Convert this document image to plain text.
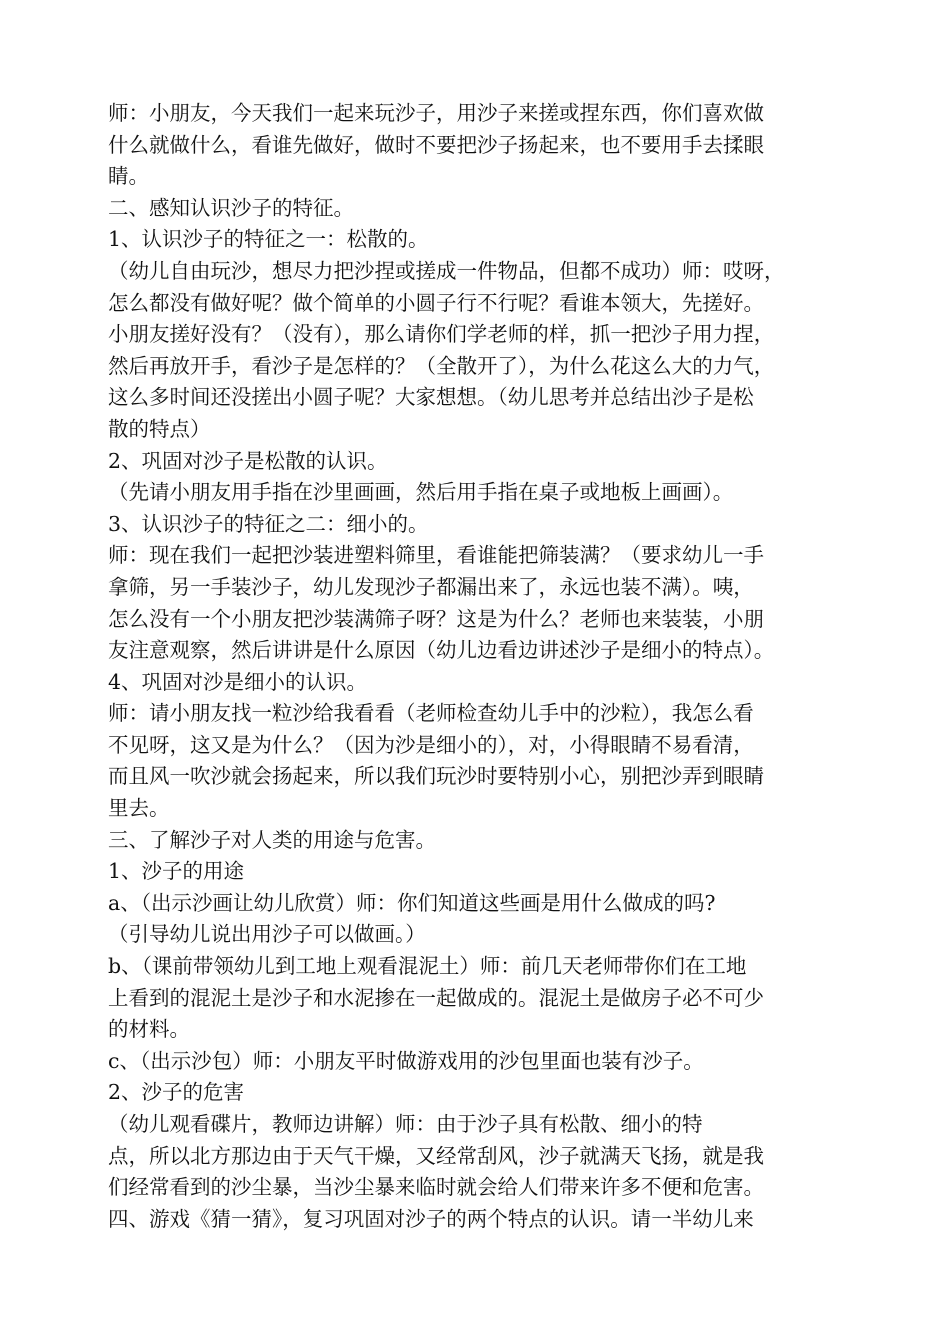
师：小朋友，今天我们一起来玩沙子，用沙子来搓或捏东西，你们喜欢做
什么就做什么，看谁先做好，做时不要把沙子扬起来，也不要用手去揉眼
睛。
二、感知认识沙子的特征。
1、认识沙子的特征之一：松散的。
（幼儿自由玩沙，想尽力把沙捏或搓成一件物品，但都不成功）师：哎呀，
怎么都没有做好呢？做个简单的小圆子行不行呢？看谁本领大，先搓好。
小朋友搓好没有？（没有），那么请你们学老师的样，抓一把沙子用力捏，
然后再放开手，看沙子是怎样的？（全散开了），为什么花这么大的力气，
这么多时间还没搓出小圆子呢？大家想想。（幼儿思考并总结出沙子是松
散的特点）
2、巩固对沙子是松散的认识。
（先请小朋友用手指在沙里画画，然后用手指在桌子或地板上画画）。
3、认识沙子的特征之二：细小的。
师：现在我们一起把沙装进塑料筛里，看谁能把筛装满？（要求幼儿一手
拿筛，另一手装沙子，幼儿发现沙子都漏出来了，永远也装不满）。咦，
怎么没有一个小朋友把沙装满筛子呀？这是为什么？老师也来装装，小朋
友注意观察，然后讲讲是什么原因（幼儿边看边讲述沙子是细小的特点）。
4、巩固对沙是细小的认识。
师：请小朋友找一粒沙给我看看（老师检查幼儿手中的沙粒），我怎么看
不见呀，这又是为什么？（因为沙是细小的），对，小得眼睛不易看清，
而且风一吹沙就会扬起来，所以我们玩沙时要特别小心，别把沙弄到眼睛
里去。
三、了解沙子对人类的用途与危害。
1、沙子的用途
a、（出示沙画让幼儿欣赏）师：你们知道这些画是用什么做成的吗?
（引导幼儿说出用沙子可以做画。）
b、（课前带领幼儿到工地上观看混泥土）师：前几天老师带你们在工地
上看到的混泥土是沙子和水泥掺在一起做成的。混泥土是做房子必不可少
的材料。
c、（出示沙包）师：小朋友平时做游戏用的沙包里面也装有沙子。
2、沙子的危害
（幼儿观看碟片，教师边讲解）师：由于沙子具有松散、细小的特
点，所以北方那边由于天气干燥，又经常刮风，沙子就满天飞扬，就是我
们经常看到的沙尘暴，当沙尘暴来临时就会给人们带来许多不便和危害。
四、游戏《猜一猜》，复习巩固对沙子的两个特点的认识。请一半幼儿来
